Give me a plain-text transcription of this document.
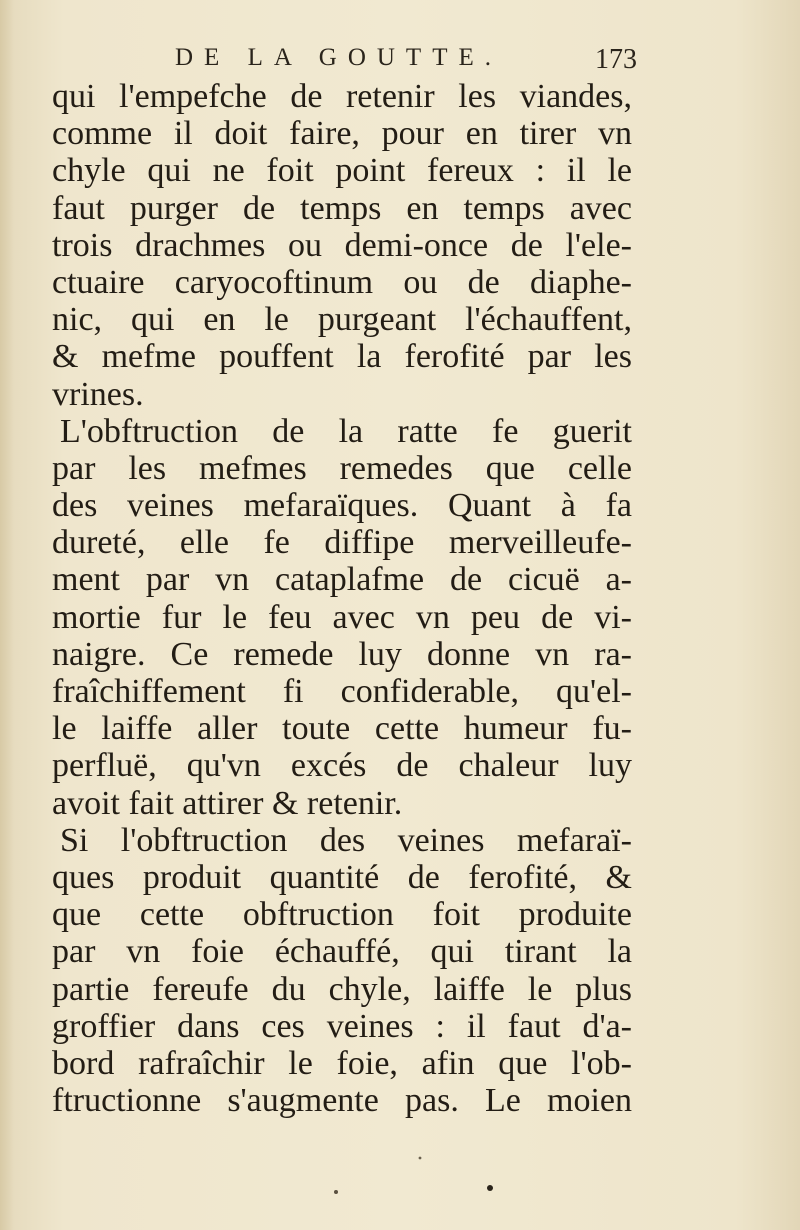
DE LA GOUTTE.	173
qui l'empefche de retenir les viandes,
comme il doit faire, pour en tirer vn
chyle qui ne foit point fereux : il le
faut purger de temps en temps avec
trois drachmes ou demi-once de l'ele-
ctuaire caryocoftinum ou de diaphe-
nic, qui en le purgeant l'échauffent,
& mefme pouffent la ferofité par les
vrines.
L'obftruction de la ratte fe guerit
par les mefmes remedes que celle
des veines mefaraïques. Quant à fa
dureté, elle fe diffipe merveilleufe-
ment par vn cataplafme de cicuë a-
mortie fur le feu avec vn peu de vi-
naigre. Ce remede luy donne vn ra-
fraîchiffement fi confiderable, qu'el-
le laiffe aller toute cette humeur fu-
perfluë, qu'vn excés de chaleur luy
avoit fait attirer & retenir.
Si l'obftruction des veines mefaraï-
ques produit quantité de ferofité, &
que cette obftruction foit produite
par vn foie échauffé, qui tirant la
partie fereufe du chyle, laiffe le plus
groffier dans ces veines : il faut d'a-
bord rafraîchir le foie, afin que l'ob-
ftructionne s'augmente pas. Le moien
